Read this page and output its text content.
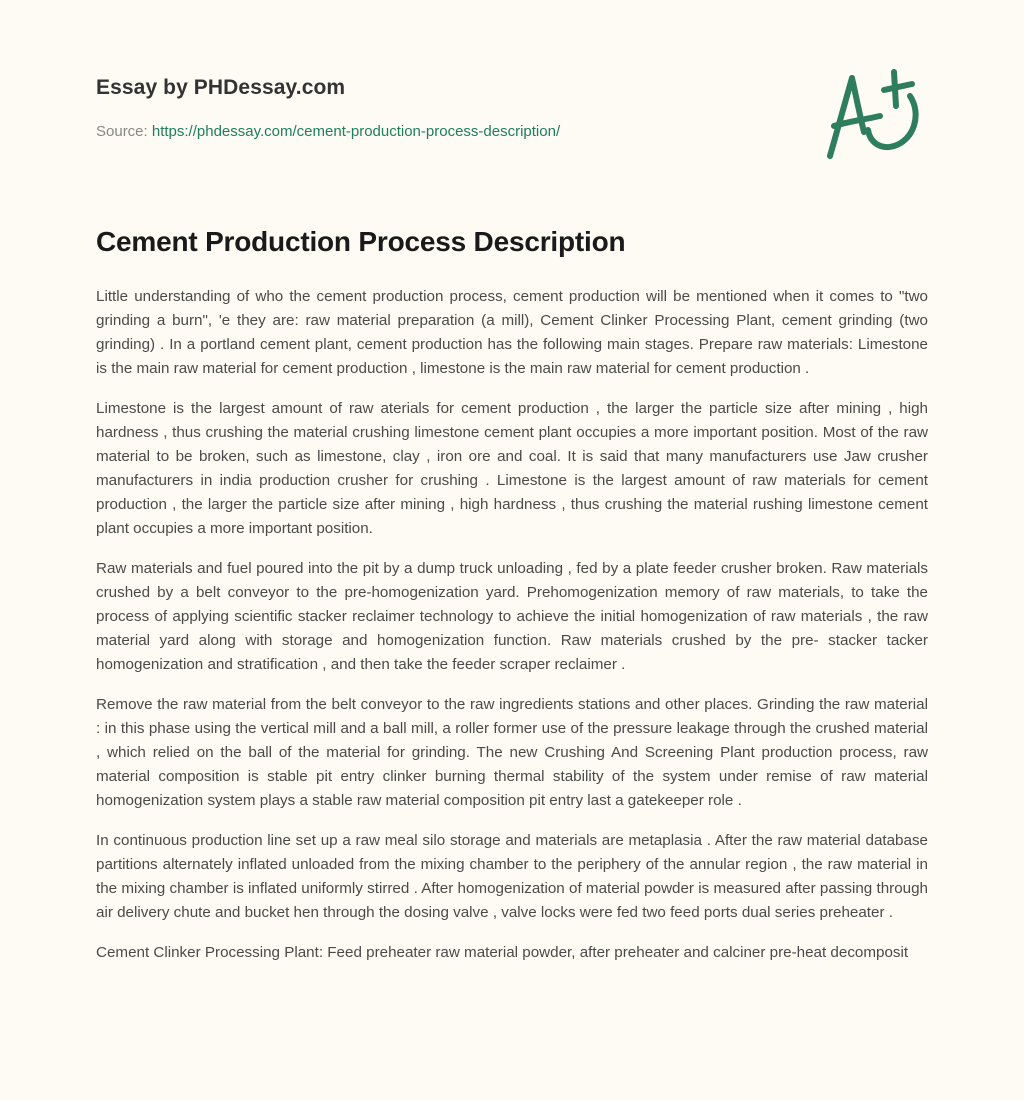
Essay by PHDessay.com
Source: https://phdessay.com/cement-production-process-description/
Cement Production Process Description

Little understanding of who the cement production process, cement production will be mentioned when it comes to "two grinding a burn", 'e they are: raw material preparation (a mill), Cement Clinker Processing Plant, cement grinding (two grinding) . In a portland cement plant, cement production has the following main stages. Prepare raw materials: Limestone is the main raw material for cement production , limestone is the main raw material for cement production .

Limestone is the largest amount of raw aterials for cement production , the larger the particle size after mining , high hardness , thus crushing the material crushing limestone cement plant occupies a more important position. Most of the raw material to be broken, such as limestone, clay , iron ore and coal. It is said that many manufacturers use Jaw crusher manufacturers in india production crusher for crushing . Limestone is the largest amount of raw materials for cement production , the larger the particle size after mining , high hardness , thus crushing the material rushing limestone cement plant occupies a more important position.

Raw materials and fuel poured into the pit by a dump truck unloading , fed by a plate feeder crusher broken. Raw materials crushed by a belt conveyor to the pre-homogenization yard. Prehomogenization memory of raw materials, to take the process of applying scientific stacker reclaimer technology to achieve the initial homogenization of raw materials , the raw material yard along with storage and homogenization function. Raw materials crushed by the pre- stacker tacker homogenization and stratification , and then take the feeder scraper reclaimer .

Remove the raw material from the belt conveyor to the raw ingredients stations and other places. Grinding the raw material : in this phase using the vertical mill and a ball mill, a roller former use of the pressure leakage through the crushed material , which relied on the ball of the material for grinding. The new Crushing And Screening Plant production process, raw material composition is stable pit entry clinker burning thermal stability of the system under remise of raw material homogenization system plays a stable raw material composition pit entry last a gatekeeper role .

In continuous production line set up a raw meal silo storage and materials are metaplasia . After the raw material database partitions alternately inflated unloaded from the mixing chamber to the periphery of the annular region , the raw material in the mixing chamber is inflated uniformly stirred . After homogenization of material powder is measured after passing through air delivery chute and bucket hen through the dosing valve , valve locks were fed two feed ports dual series preheater .

Cement Clinker Processing Plant: Feed preheater raw material powder, after preheater and calciner pre-heat decomposit
